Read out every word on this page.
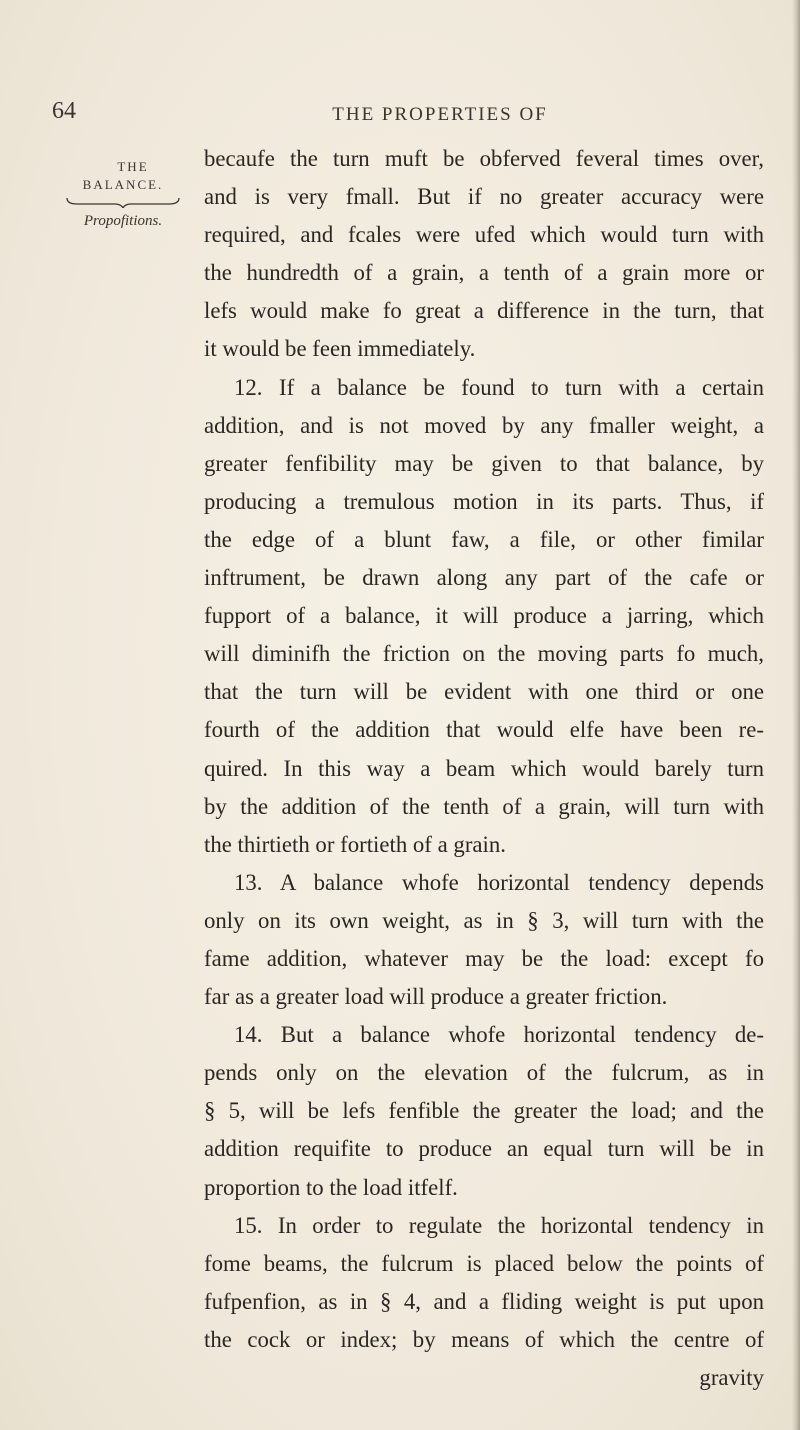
64	THE PROPERTIES OF
THE
BALANCE.
Propofitions.
becaufe the turn muft be obferved feveral times over,
and is very fmall. But if no greater accuracy were
required, and fcales were ufed which would turn with
the hundredth of a grain, a tenth of a grain more or
lefs would make fo great a difference in the turn, that
it would be feen immediately.
12. If a balance be found to turn with a certain
addition, and is not moved by any fmaller weight, a
greater fenfibility may be given to that balance, by
producing a tremulous motion in its parts. Thus, if
the edge of a blunt faw, a file, or other fimilar
inftrument, be drawn along any part of the cafe or
fupport of a balance, it will produce a jarring, which
will diminifh the friction on the moving parts fo much,
that the turn will be evident with one third or one
fourth of the addition that would elfe have been re-
quired. In this way a beam which would barely turn
by the addition of the tenth of a grain, will turn with
the thirtieth or fortieth of a grain.
13. A balance whofe horizontal tendency depends
only on its own weight, as in § 3, will turn with the
fame addition, whatever may be the load: except fo
far as a greater load will produce a greater friction.
14. But a balance whofe horizontal tendency de-
pends only on the elevation of the fulcrum, as in
§ 5, will be lefs fenfible the greater the load; and the
addition requifite to produce an equal turn will be in
proportion to the load itfelf.
15. In order to regulate the horizontal tendency in
fome beams, the fulcrum is placed below the points of
fufpenfion, as in § 4, and a fliding weight is put upon
the cock or index; by means of which the centre of
gravity
